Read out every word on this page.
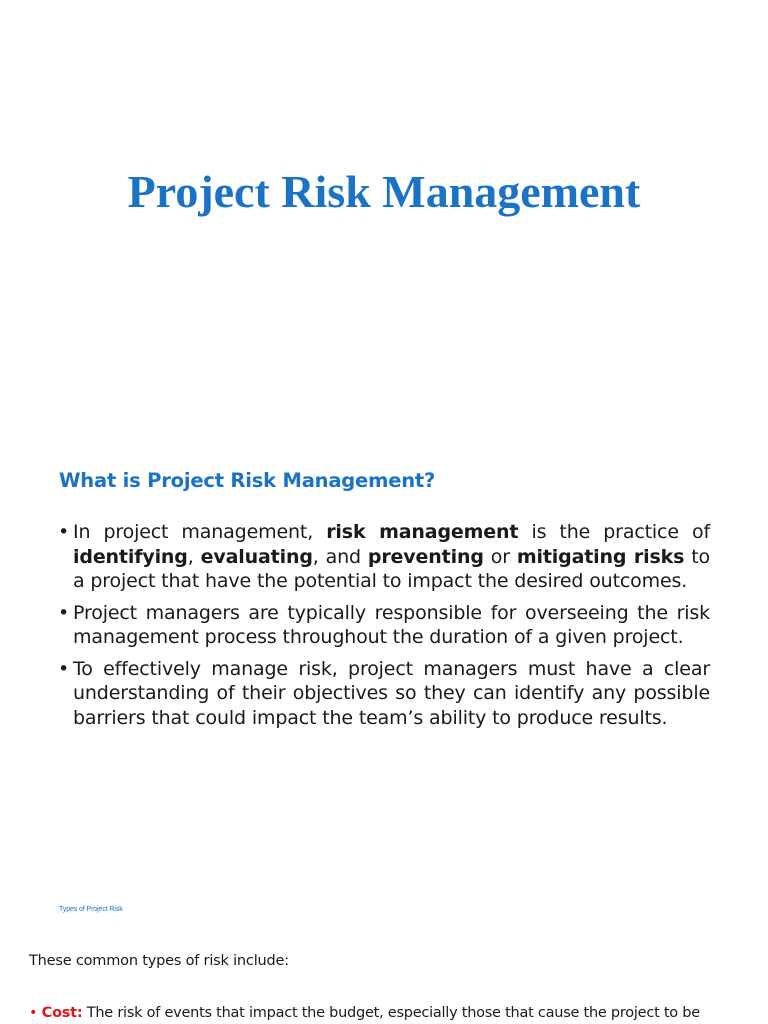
Project Risk Management
What is Project Risk Management?
• In project management, risk management is the practice of identifying, evaluating, and preventing or mitigating risks to a project that have the potential to impact the desired outcomes.
• Project managers are typically responsible for overseeing the risk management process throughout the duration of a given project.
• To effectively manage risk, project managers must have a clear understanding of their objectives so they can identify any possible barriers that could impact the team’s ability to produce results.
Types of Project Risk
These common types of risk include:
• Cost: The risk of events that impact the budget, especially those that cause the project to be
